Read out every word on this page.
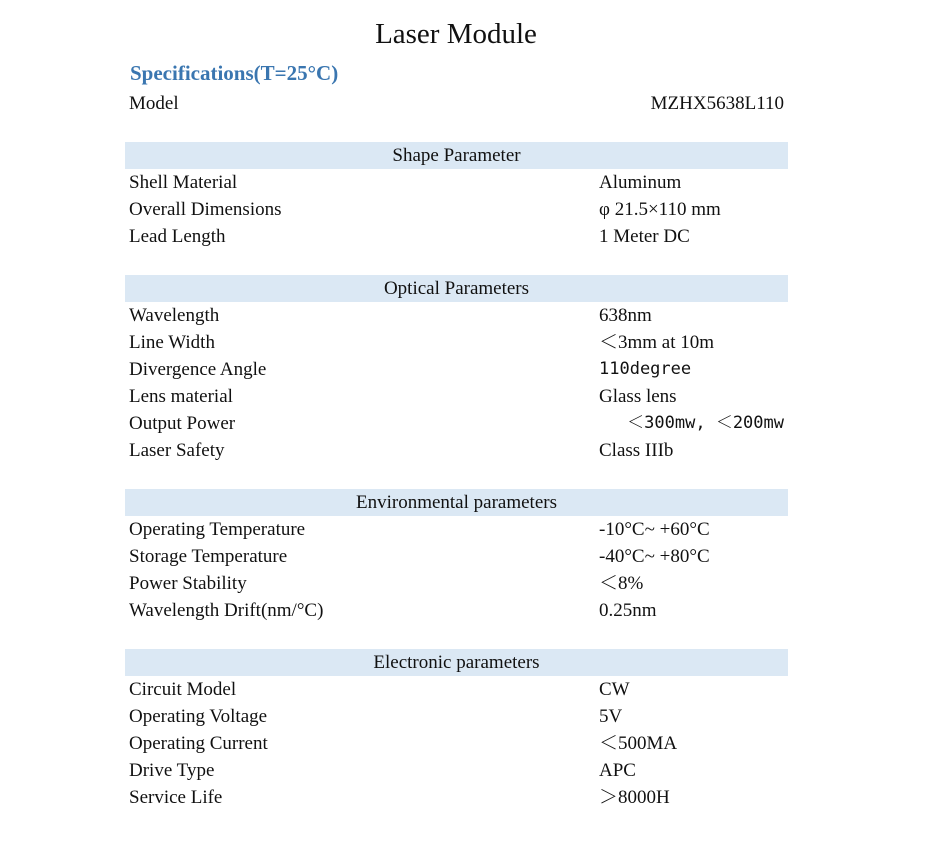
Laser Module
Specifications(T=25°C)
Model	MZHX5638L110
Shape Parameter
Shell Material	Aluminum
Overall Dimensions	φ 21.5×110 mm
Lead Length	1 Meter DC
Optical Parameters
Wavelength	638nm
Line Width	＜3mm at 10m
Divergence Angle	110degree
Lens material	Glass lens
Output Power	＜300mw, ＜200mw
Laser Safety	Class IIIb
Environmental parameters
Operating Temperature	-10°C~ +60°C
Storage Temperature	-40°C~ +80°C
Power Stability	＜8%
Wavelength Drift(nm/°C)	0.25nm
Electronic parameters
Circuit Model	CW
Operating Voltage	5V
Operating Current	＜500MA
Drive Type	APC
Service Life	＞8000H
